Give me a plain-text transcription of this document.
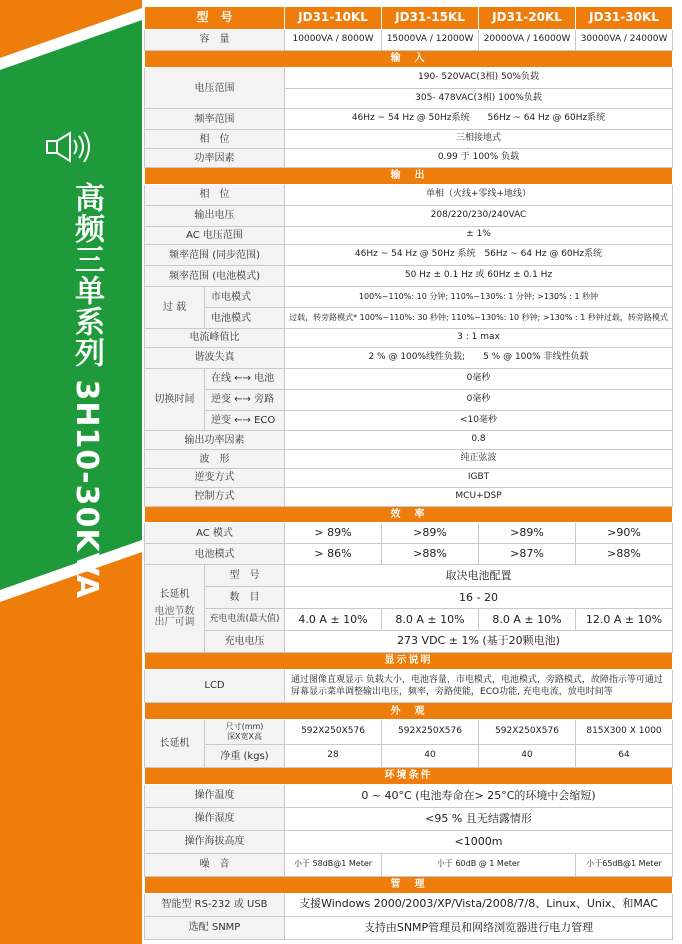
高频三单系列 3H10-30KVA
型　号		JD31-10KL	JD31-15KL	JD31-20KL	JD31-30KL
容　量		10000VA / 8000W	15000VA / 12000W	20000VA / 16000W	30000VA / 24000W
输　入					
电压范围		190- 520VAC(3相) 50%负载			
		305- 478VAC(3相) 100%负载			
频率范围		46Hz ~ 54 Hz @ 50Hz系统　　56Hz ~ 64 Hz @ 60Hz系统			
相　位		三相接地式			
功率因素		0.99 于 100% 负载			
输　出					
相　位		单相（火线+零线+地线）			
输出电压		208/220/230/240VAC			
AC 电压范围		± 1%			
频率范围 (同步范围)		46Hz ~ 54 Hz @ 50Hz 系统　56Hz ~ 64 Hz @ 60Hz系统			
频率范围 (电池模式)		50 Hz ± 0.1 Hz 或 60Hz ± 0.1 Hz			
过 载	市电模式	100%~110%: 10 分钟; 110%~130%: 1 分钟; >130% : 1 秒钟			
	电池模式	过载，转旁路模式* 100%~110%: 30 秒钟; 110%~130%: 10 秒钟; >130% : 1 秒钟过载，转旁路模式			
电流峰值比		3 : 1 max			
谐波失真		2 % @ 100%线性负载;　　5 % @ 100% 非线性负载			
切换时间	在线 ←→ 电池	0毫秒			
	逆变 ←→ 旁路	0毫秒			
	逆变 ←→ ECO	<10毫秒			
输出功率因素		0.8			
波　形		纯正弦波			
逆变方式		IGBT			
控制方式		MCU+DSP			
效　率					
AC 模式		> 89%	>89%	>89%	>90%
电池模式		> 86%	>88%	>87%	>88%

长延机
电池节数
出厂可调	型　号	取决电池配置			
	数　目	16 - 20			
	充电电流(最大值)	4.0 A ± 10%	8.0 A ± 10%	8.0 A ± 10%	12.0 A ± 10%
	充电电压	273 VDC ± 1% (基于20颗电池)			
显示说明					
LCD		通过图像直观显示 负载大小，电池容量，市电模式，电池模式，旁路模式，故障指示等可通过屏幕显示菜单调整输出电压，频率，旁路使能，ECO功能, 充电电流，放电时间等			
外　观					
长延机	尺寸(mm)
深X宽X高	592X250X576	592X250X576	592X250X576	815X300 X 1000
	净重 (kgs)	28	40	40	64
环境条件					
操作温度		0 ~ 40°C (电池寿命在> 25°C的环境中会缩短)			
操作湿度		<95 % 且无结露情形			
操作海拔高度		<1000m			
噪　音		小于 58dB@1 Meter	小于 60dB @ 1 Meter		小于65dB@1 Meter
管　理					
智能型 RS-232 或 USB		支援Windows 2000/2003/XP/Vista/2008/7/8、Linux、Unix、和MAC			
选配 SNMP		支持由SNMP管理员和网络浏览器进行电力管理			
